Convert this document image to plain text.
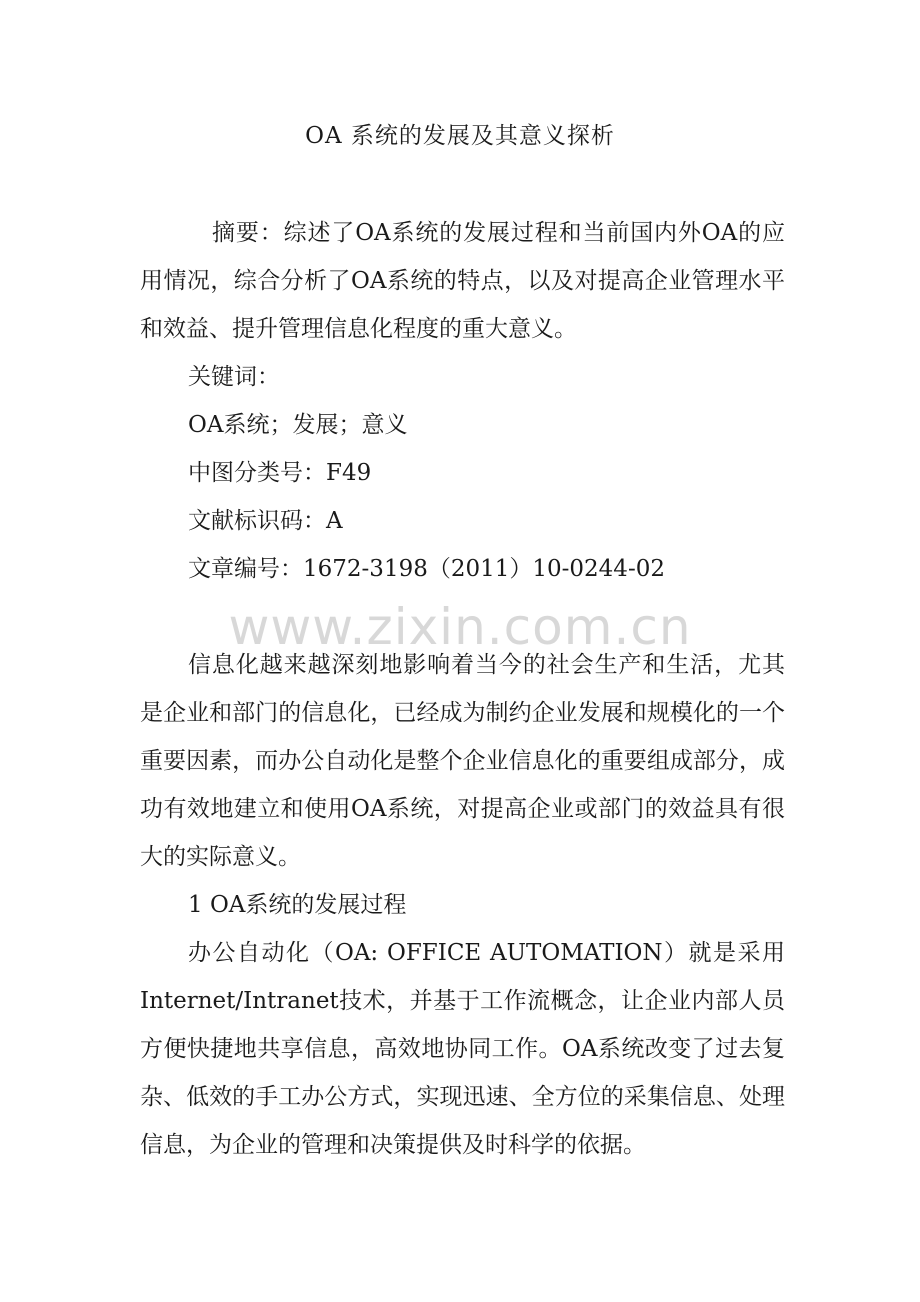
www.zixin.com.cn
OA 系统的发展及其意义探析

摘要：综述了OA系统的发展过程和当前国内外OA的应用情况，综合分析了OA系统的特点，以及对提高企业管理水平和效益、提升管理信息化程度的重大意义。

关键词：

OA系统；发展；意义

中图分类号：F49

文献标识码：A

文章编号：1672-3198（2011）10-0244-02

信息化越来越深刻地影响着当今的社会生产和生活，尤其是企业和部门的信息化，已经成为制约企业发展和规模化的一个重要因素，而办公自动化是整个企业信息化的重要组成部分，成功有效地建立和使用OA系统，对提高企业或部门的效益具有很大的实际意义。

1 OA系统的发展过程

办公自动化（OA: OFFICE AUTOMATION）就是采用Internet/Intranet技术，并基于工作流概念，让企业内部人员方便快捷地共享信息，高效地协同工作。OA系统改变了过去复杂、低效的手工办公方式，实现迅速、全方位的采集信息、处理信息，为企业的管理和决策提供及时科学的依据。
